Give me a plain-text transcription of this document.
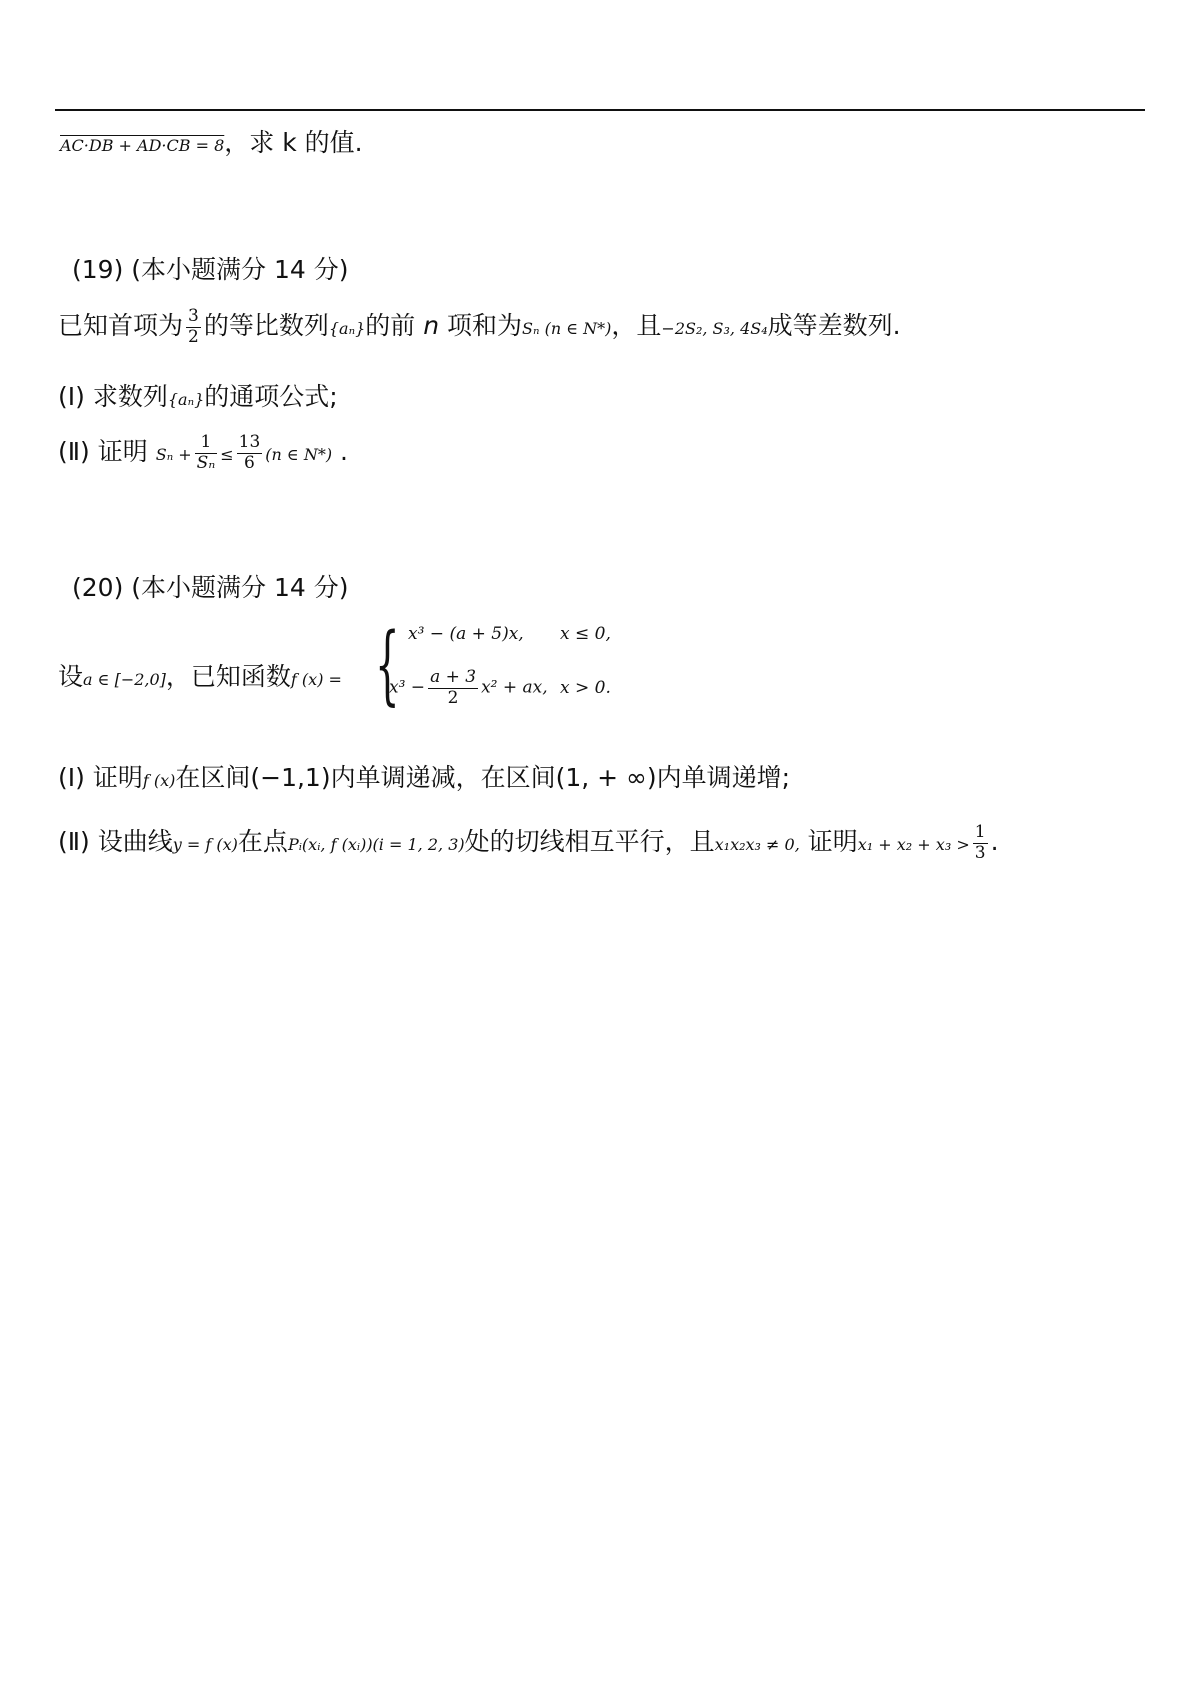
AC·DB + AD·CB = 8，求 k 的值.
(19) (本小题满分 14 分)
已知首项为 $\frac{3}{2}$ 的等比数列{aₙ}的前 n 项和为Sₙ (n ∈ N*)，且−2S₂, S₃, 4S₄成等差数列.
(Ⅰ) 求数列{aₙ}的通项公式;
(Ⅱ) 证明 $S_n + \frac{1}{\text{Sₙ}} \le \frac{13}{6} (n$ ∈ N*) .
(20) (本小题满分 14 分)
设a ∈ [−2,0]，已知函数f (x) = { x³ − (a + 5)x, x ≤ 0,
$x^3 - \frac{a + 3}{2} x^2$ + ax, x > 0.
(Ⅰ) 证明f (x)在区间(−1,1)内单调递减，在区间(1, + ∞)内单调递增;
(Ⅱ) 设曲线y = f (x)在点Pᵢ(xᵢ, f (xᵢ))(i = 1, 2, 3)处的切线相互平行，且x₁x₂x₃ ≠ 0, 证明$x_1 + x_2 + x_3 > \frac{1}{3}$ .
